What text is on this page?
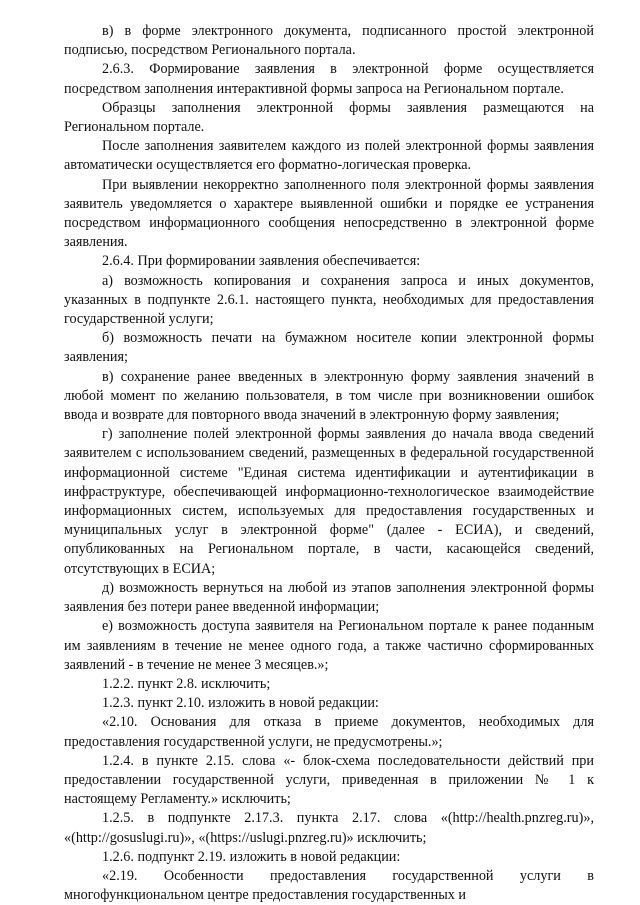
в) в форме электронного документа, подписанного простой электронной подписью, посредством Регионального портала.

2.6.3. Формирование заявления в электронной форме осуществляется посредством заполнения интерактивной формы запроса на Региональном портале.

Образцы заполнения электронной формы заявления размещаются на Региональном портале.

После заполнения заявителем каждого из полей электронной формы заявления автоматически осуществляется его форматно-логическая проверка.

При выявлении некорректно заполненного поля электронной формы заявления заявитель уведомляется о характере выявленной ошибки и порядке ее устранения посредством информационного сообщения непосредственно в электронной форме заявления.

2.6.4. При формировании заявления обеспечивается:

а) возможность копирования и сохранения запроса и иных документов, указанных в подпункте 2.6.1. настоящего пункта, необходимых для предоставления государственной услуги;

б) возможность печати на бумажном носителе копии электронной формы заявления;

в) сохранение ранее введенных в электронную форму заявления значений в любой момент по желанию пользователя, в том числе при возникновении ошибок ввода и возврате для повторного ввода значений в электронную форму заявления;

г) заполнение полей электронной формы заявления до начала ввода сведений заявителем с использованием сведений, размещенных в федеральной государственной информационной системе "Единая система идентификации и аутентификации в инфраструктуре, обеспечивающей информационно-технологическое взаимодействие информационных систем, используемых для предоставления государственных и муниципальных услуг в электронной форме" (далее - ЕСИА), и сведений, опубликованных на Региональном портале, в части, касающейся сведений, отсутствующих в ЕСИА;

д) возможность вернуться на любой из этапов заполнения электронной формы заявления без потери ранее введенной информации;

е) возможность доступа заявителя на Региональном портале к ранее поданным им заявлениям в течение не менее одного года, а также частично сформированных заявлений - в течение не менее 3 месяцев.»;

1.2.2. пункт 2.8. исключить;

1.2.3. пункт 2.10. изложить в новой редакции:

«2.10. Основания для отказа в приеме документов, необходимых для предоставления государственной услуги, не предусмотрены.»;

1.2.4. в пункте 2.15. слова «- блок-схема последовательности действий при предоставлении государственной услуги, приведенная в приложении № 1 к настоящему Регламенту.» исключить;

1.2.5. в подпункте 2.17.3. пункта 2.17. слова «(http://health.pnzreg.ru)», «(http://gosuslugi.ru)», «(https://uslugi.pnzreg.ru)» исключить;

1.2.6. подпункт 2.19. изложить в новой редакции:

«2.19. Особенности предоставления государственной услуги в многофункциональном центре предоставления государственных и
